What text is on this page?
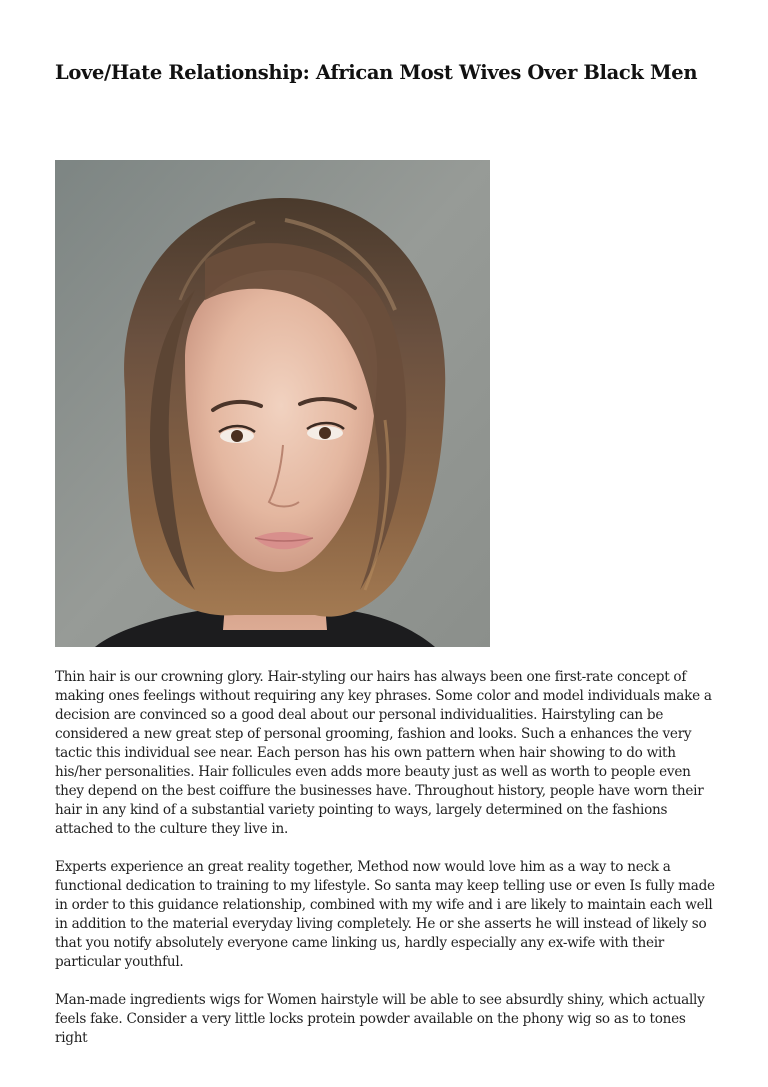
Love/Hate Relationship: African Most Wives Over Black Men

Thin hair is our crowning glory. Hair-styling our hairs has always been one first-rate concept of making ones feelings without requiring any key phrases. Some color and model individuals make a decision are convinced so a good deal about our personal individualities. Hairstyling can be considered a new great step of personal grooming, fashion and looks. Such a enhances the very tactic this individual see near. Each person has his own pattern when hair showing to do with his/her personalities. Hair follicules even adds more beauty just as well as worth to people even they depend on the best coiffure the businesses have. Throughout history, people have worn their hair in any kind of a substantial variety pointing to ways, largely determined on the fashions attached to the culture they live in.

Experts experience an great reality together, Method now would love him as a way to neck a functional dedication to training to my lifestyle. So santa may keep telling use or even Is fully made in order to this guidance relationship, combined with my wife and i are likely to maintain each well in addition to the material everyday living completely. He or she asserts he will instead of likely so that you notify absolutely everyone came linking us, hardly especially any ex-wife with their particular youthful.

Man-made ingredients wigs for Women hairstyle will be able to see absurdly shiny, which actually feels fake. Consider a very little locks protein powder available on the phony wig so as to tones right
